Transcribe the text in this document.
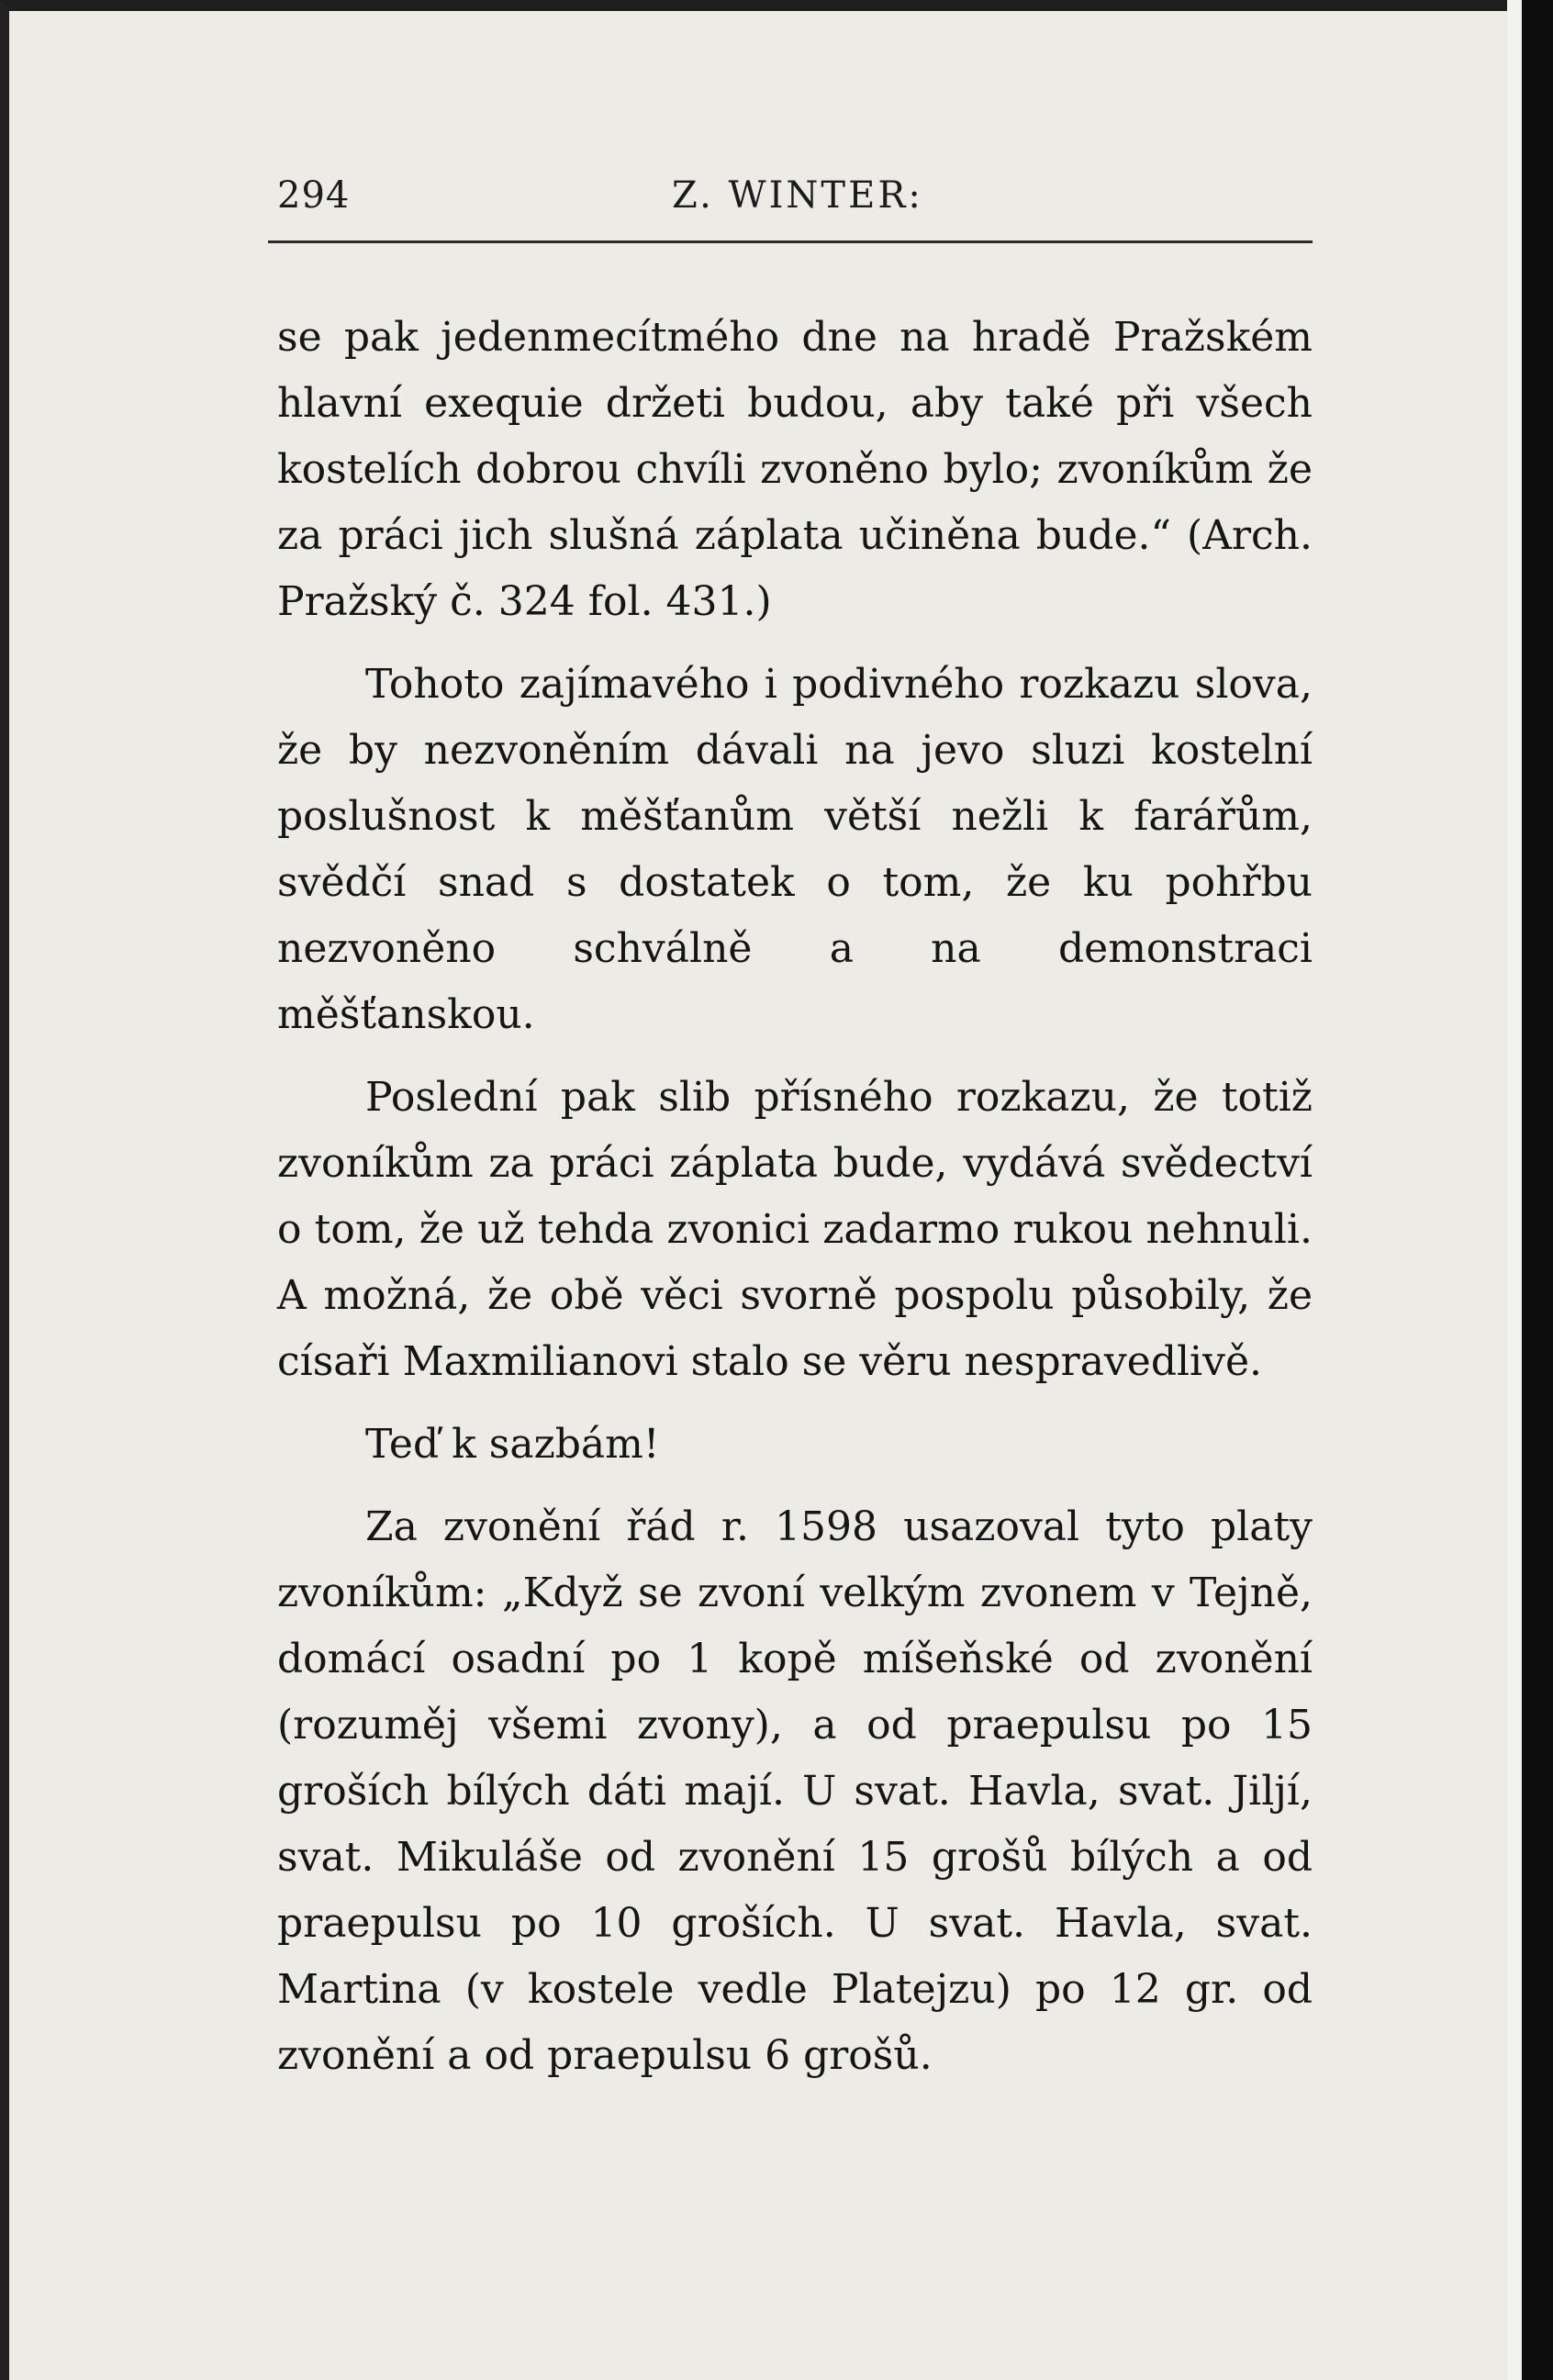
294	Z. WINTER:

se pak jedenmecítmého dne na hradě Pražském hlavní exequie držeti budou, aby také při všech kostelích dobrou chvíli zvoněno bylo; zvoníkům že za práci jich slušná záplata učiněna bude.“ (Arch. Pražský č. 324 fol. 431.)

Tohoto zajímavého i podivného rozkazu slova, že by nezvoněním dávali na jevo sluzi kostelní poslušnost k měšťanům větší nežli k farářům, svědčí snad s dostatek o tom, že ku pohřbu nezvoněno schválně a na demonstraci měšťanskou.

Poslední pak slib přísného rozkazu, že totiž zvoníkům za práci záplata bude, vydává svědectví o tom, že už tehda zvonici zadarmo rukou nehnuli. A možná, že obě věci svorně pospolu působily, že císaři Maxmilianovi stalo se věru nespravedlivě.

Teď k sazbám!

Za zvonění řád r. 1598 usazoval tyto platy zvoníkům: „Když se zvoní velkým zvonem v Tejně, domácí osadní po 1 kopě míšeňské od zvonění (rozuměj všemi zvony), a od praepulsu po 15 groších bílých dáti mají. U svat. Havla, svat. Jiljí, svat. Mikuláše od zvonění 15 grošů bílých a od praepulsu po 10 groších. U svat. Havla, svat. Martina (v kostele vedle Platejzu) po 12 gr. od zvonění a od praepulsu 6 grošů.
